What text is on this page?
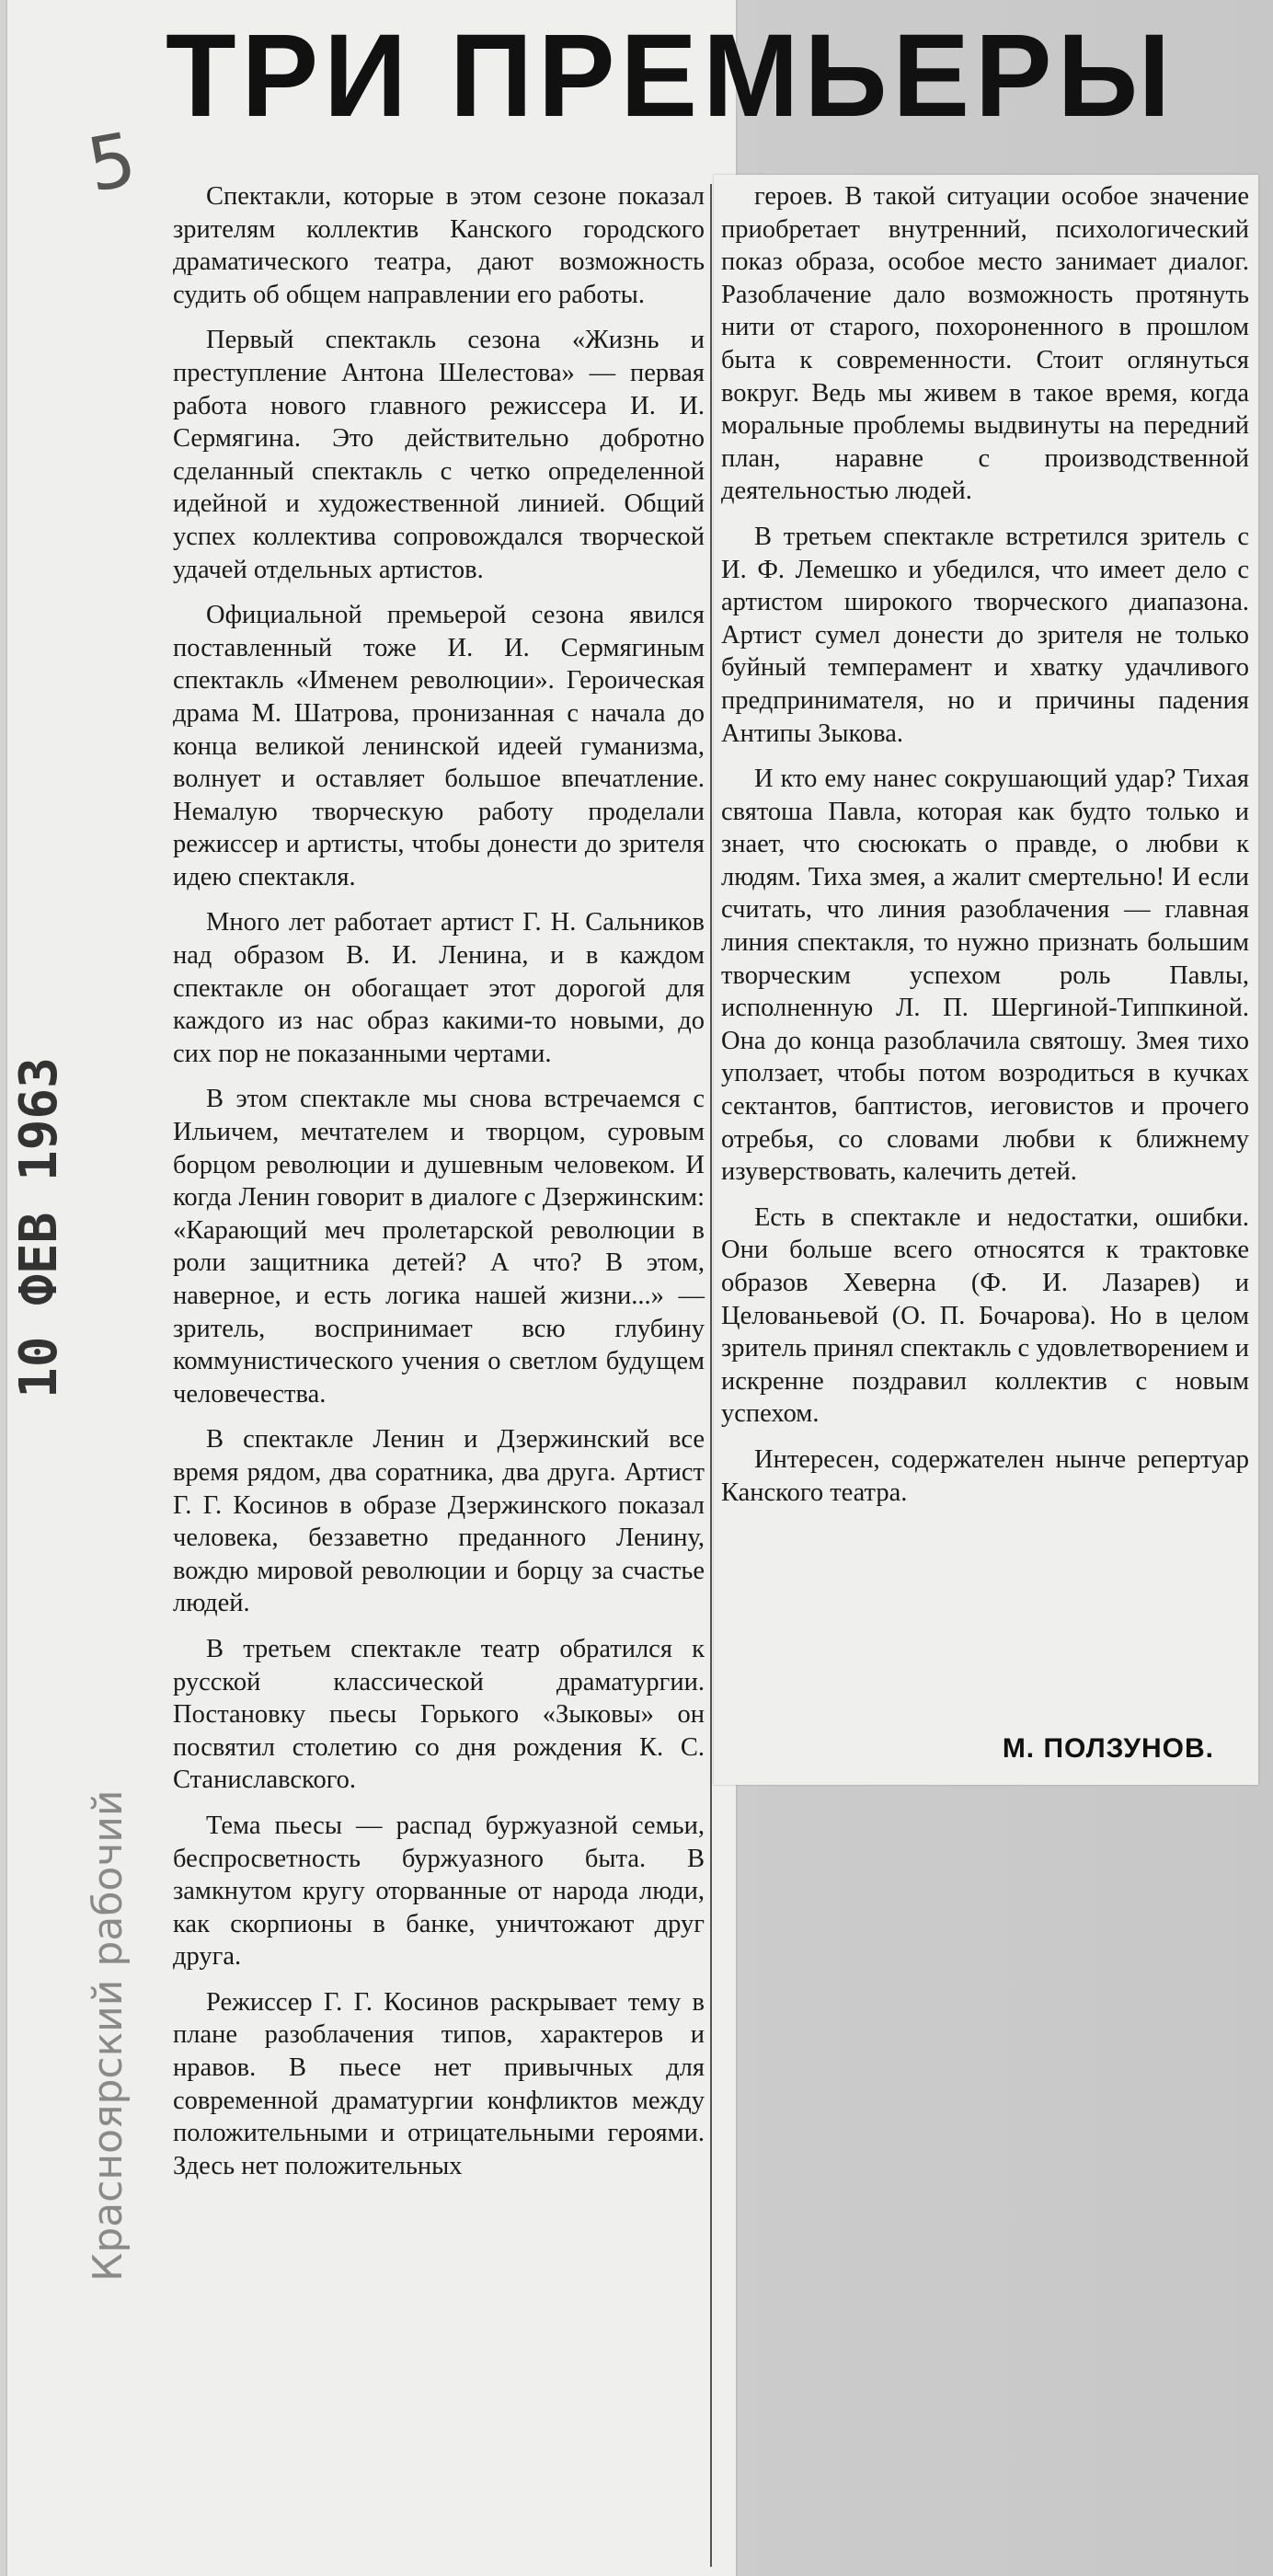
5
10 ФЕВ 1963
Красноярский рабочий
ТРИ ПРЕМЬЕРЫ

Спектакли, которые в этом сезоне показал зрителям коллектив Канского городского драматического театра, дают возможность судить об общем направлении его работы.

Первый спектакль сезона «Жизнь и преступление Антона Шелестова» — первая работа нового главного режиссера И. И. Сермягина. Это действительно добротно сделанный спектакль с четко определенной идейной и художественной линией. Общий успех коллектива сопровождался творческой удачей отдельных артистов.

Официальной премьерой сезона явился поставленный тоже И. И. Сермягиным спектакль «Именем революции». Героическая драма М. Шатрова, пронизанная с начала до конца великой ленинской идеей гуманизма, волнует и оставляет большое впечатление. Немалую творческую работу проделали режиссер и артисты, чтобы донести до зрителя идею спектакля.

Много лет работает артист Г. Н. Сальников над образом В. И. Ленина, и в каждом спектакле он обогащает этот дорогой для каждого из нас образ какими-то новыми, до сих пор не показанными чертами.

В этом спектакле мы снова встречаемся с Ильичем, мечтателем и творцом, суровым борцом революции и душевным человеком. И когда Ленин говорит в диалоге с Дзержинским: «Карающий меч пролетарской революции в роли защитника детей? А что? В этом, наверное, и есть логика нашей жизни...» — зритель, воспринимает всю глубину коммунистического учения о светлом будущем человечества.

В спектакле Ленин и Дзержинский все время рядом, два соратника, два друга. Артист Г. Г. Косинов в образе Дзержинского показал человека, беззаветно преданного Ленину, вождю мировой революции и борцу за счастье людей.

В третьем спектакле театр обратился к русской классической драматургии. Постановку пьесы Горького «Зыковы» он посвятил столетию со дня рождения К. С. Станиславского.

Тема пьесы — распад буржуазной семьи, беспросветность буржуазного быта. В замкнутом кругу оторванные от народа люди, как скорпионы в банке, уничтожают друг друга.

Режиссер Г. Г. Косинов раскрывает тему в плане разоблачения типов, характеров и нравов. В пьесе нет привычных для современной драматургии конфликтов между положительными и отрицательными героями. Здесь нет положительных

героев. В такой ситуации особое значение приобретает внутренний, психологический показ образа, особое место занимает диалог. Разоблачение дало возможность протянуть нити от старого, похороненного в прошлом быта к современности. Стоит оглянуться вокруг. Ведь мы живем в такое время, когда моральные проблемы выдвинуты на передний план, наравне с производственной деятельностью людей.

В третьем спектакле встретился зритель с И. Ф. Лемешко и убедился, что имеет дело с артистом широкого творческого диапазона. Артист сумел донести до зрителя не только буйный темперамент и хватку удачливого предпринимателя, но и причины падения Антипы Зыкова.

И кто ему нанес сокрушающий удар? Тихая святоша Павла, которая как будто только и знает, что сюсюкать о правде, о любви к людям. Тиха змея, а жалит смертельно! И если считать, что линия разоблачения — главная линия спектакля, то нужно признать большим творческим успехом роль Павлы, исполненную Л. П. Шергиной-Типпкиной. Она до конца разоблачила святошу. Змея тихо уползает, чтобы потом возродиться в кучках сектантов, баптистов, иеговистов и прочего отребья, со словами любви к ближнему изуверствовать, калечить детей.

Есть в спектакле и недостатки, ошибки. Они больше всего относятся к трактовке образов Хеверна (Ф. И. Лазарев) и Целованьевой (О. П. Бочарова). Но в целом зритель принял спектакль с удовлетворением и искренне поздравил коллектив с новым успехом.

Интересен, содержателен нынче репертуар Канского театра.

М. ПОЛЗУНОВ.
